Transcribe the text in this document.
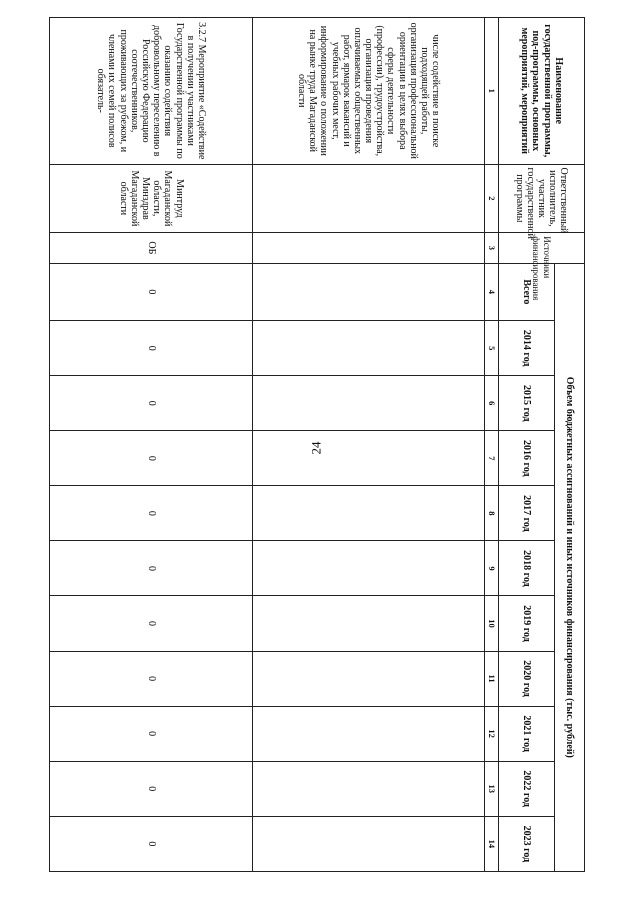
24
Наименование государственной программы, под-программы, основных мероприятий, мероприятий	Ответственный исполнитель, участник государственной программы	Источники финансирования	Объем бюджетных ассигнований и иных источников финансирования (тыс. рублей)										
			Всего	2014 год	2015 год	2016 год	2017 год	2018 год	2019 год	2020 год	2021 год	2022 год	2023 год
1	2	3	4	5	6	7	8	9	10	11	12	13	14
числе содействие в поиске подходящей работы, организация профессиональной ориентации в целях выбора сферы деятельности (профессии), трудоустройства, организация проведения оплачиваемых общественных работ, ярмарок вакансий и учебных рабочих мест, информирование о положении на рынке труда Магаданской области													
3.2.7 Мероприятие «Содействие в получении участниками Государственной программы по оказанию содействия добровольному переселению в Российскую Федерацию соотечественников, проживающих за рубежом, и членами их семей полисов обязатель-	Минтруд Магаданской области, Минздрав Магаданской области	ОБ	0	0	0	0	0	0	0	0	0	0	0
